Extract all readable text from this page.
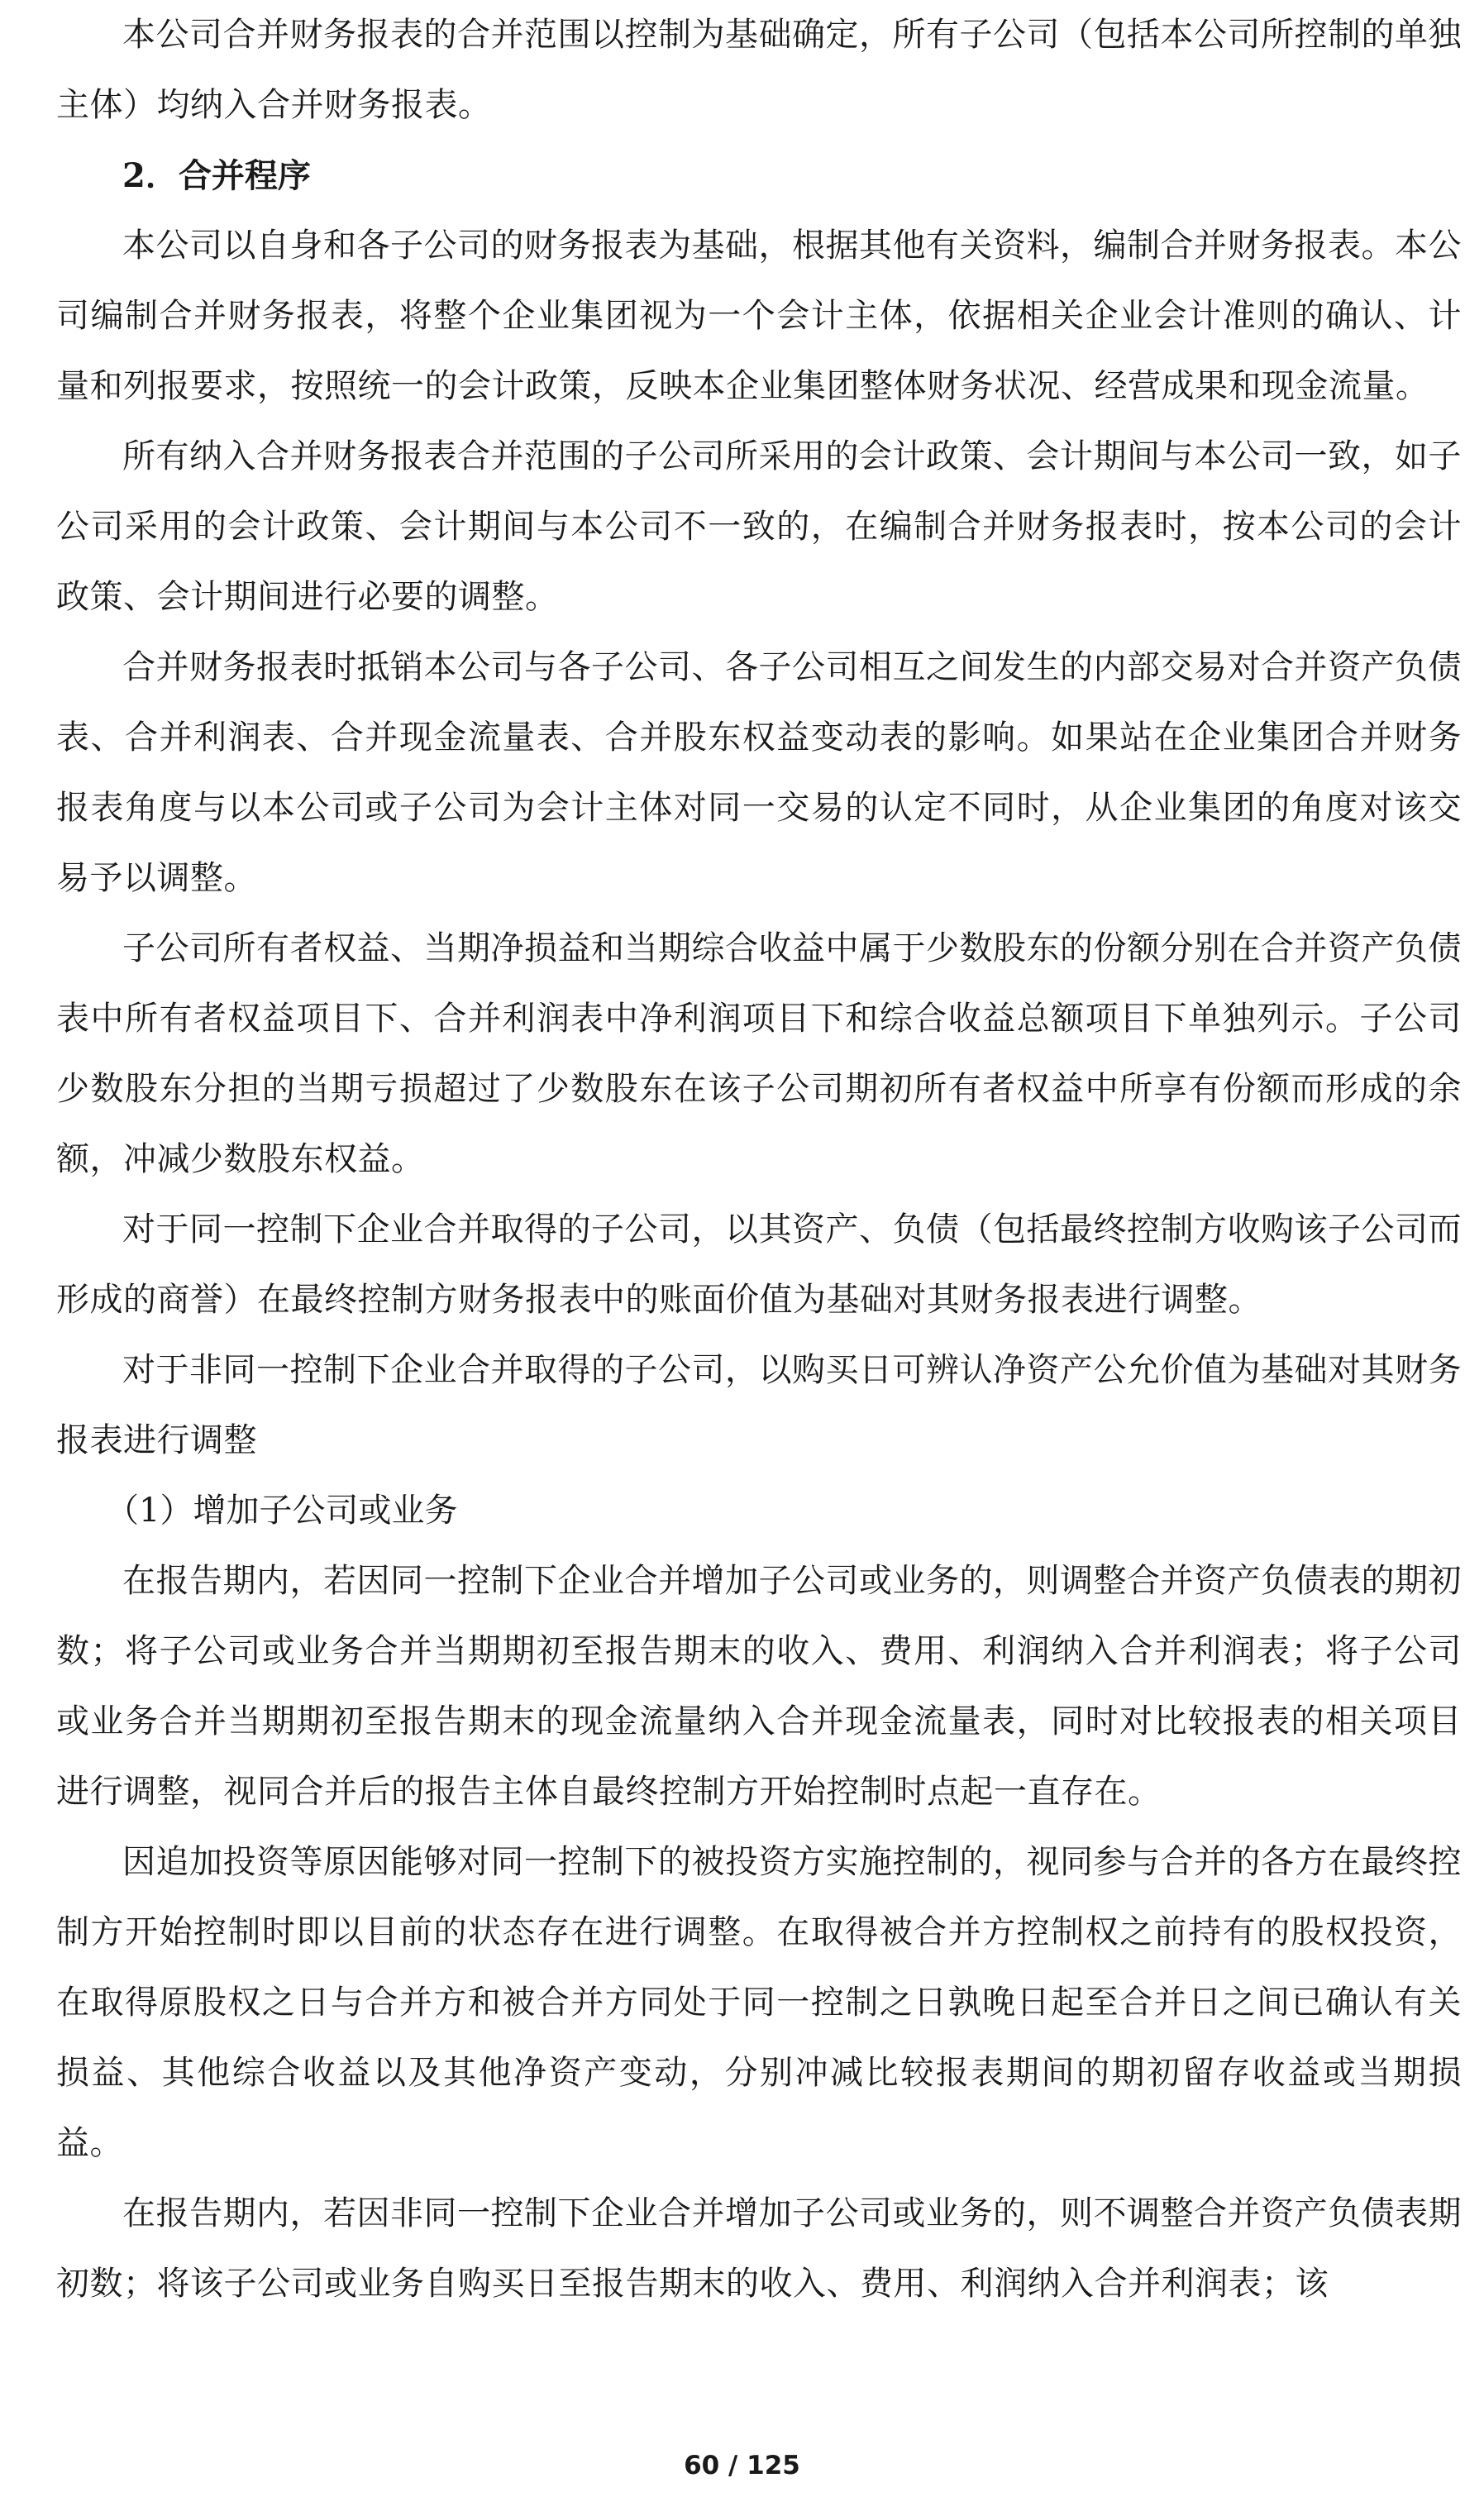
本公司合并财务报表的合并范围以控制为基础确定，所有子公司（包括本公司所控制的单独主体）均纳入合并财务报表。

2．合并程序

本公司以自身和各子公司的财务报表为基础，根据其他有关资料，编制合并财务报表。本公司编制合并财务报表，将整个企业集团视为一个会计主体，依据相关企业会计准则的确认、计量和列报要求，按照统一的会计政策，反映本企业集团整体财务状况、经营成果和现金流量。

所有纳入合并财务报表合并范围的子公司所采用的会计政策、会计期间与本公司一致，如子公司采用的会计政策、会计期间与本公司不一致的，在编制合并财务报表时，按本公司的会计政策、会计期间进行必要的调整。

合并财务报表时抵销本公司与各子公司、各子公司相互之间发生的内部交易对合并资产负债表、合并利润表、合并现金流量表、合并股东权益变动表的影响。如果站在企业集团合并财务报表角度与以本公司或子公司为会计主体对同一交易的认定不同时，从企业集团的角度对该交易予以调整。

子公司所有者权益、当期净损益和当期综合收益中属于少数股东的份额分别在合并资产负债表中所有者权益项目下、合并利润表中净利润项目下和综合收益总额项目下单独列示。子公司少数股东分担的当期亏损超过了少数股东在该子公司期初所有者权益中所享有份额而形成的余额，冲减少数股东权益。

对于同一控制下企业合并取得的子公司，以其资产、负债（包括最终控制方收购该子公司而形成的商誉）在最终控制方财务报表中的账面价值为基础对其财务报表进行调整。

对于非同一控制下企业合并取得的子公司，以购买日可辨认净资产公允价值为基础对其财务报表进行调整

（1）增加子公司或业务

在报告期内，若因同一控制下企业合并增加子公司或业务的，则调整合并资产负债表的期初数；将子公司或业务合并当期期初至报告期末的收入、费用、利润纳入合并利润表；将子公司或业务合并当期期初至报告期末的现金流量纳入合并现金流量表，同时对比较报表的相关项目进行调整，视同合并后的报告主体自最终控制方开始控制时点起一直存在。

因追加投资等原因能够对同一控制下的被投资方实施控制的，视同参与合并的各方在最终控制方开始控制时即以目前的状态存在进行调整。在取得被合并方控制权之前持有的股权投资，在取得原股权之日与合并方和被合并方同处于同一控制之日孰晚日起至合并日之间已确认有关损益、其他综合收益以及其他净资产变动，分别冲减比较报表期间的期初留存收益或当期损益。

在报告期内，若因非同一控制下企业合并增加子公司或业务的，则不调整合并资产负债表期初数；将该子公司或业务自购买日至报告期末的收入、费用、利润纳入合并利润表；该

60 / 125
